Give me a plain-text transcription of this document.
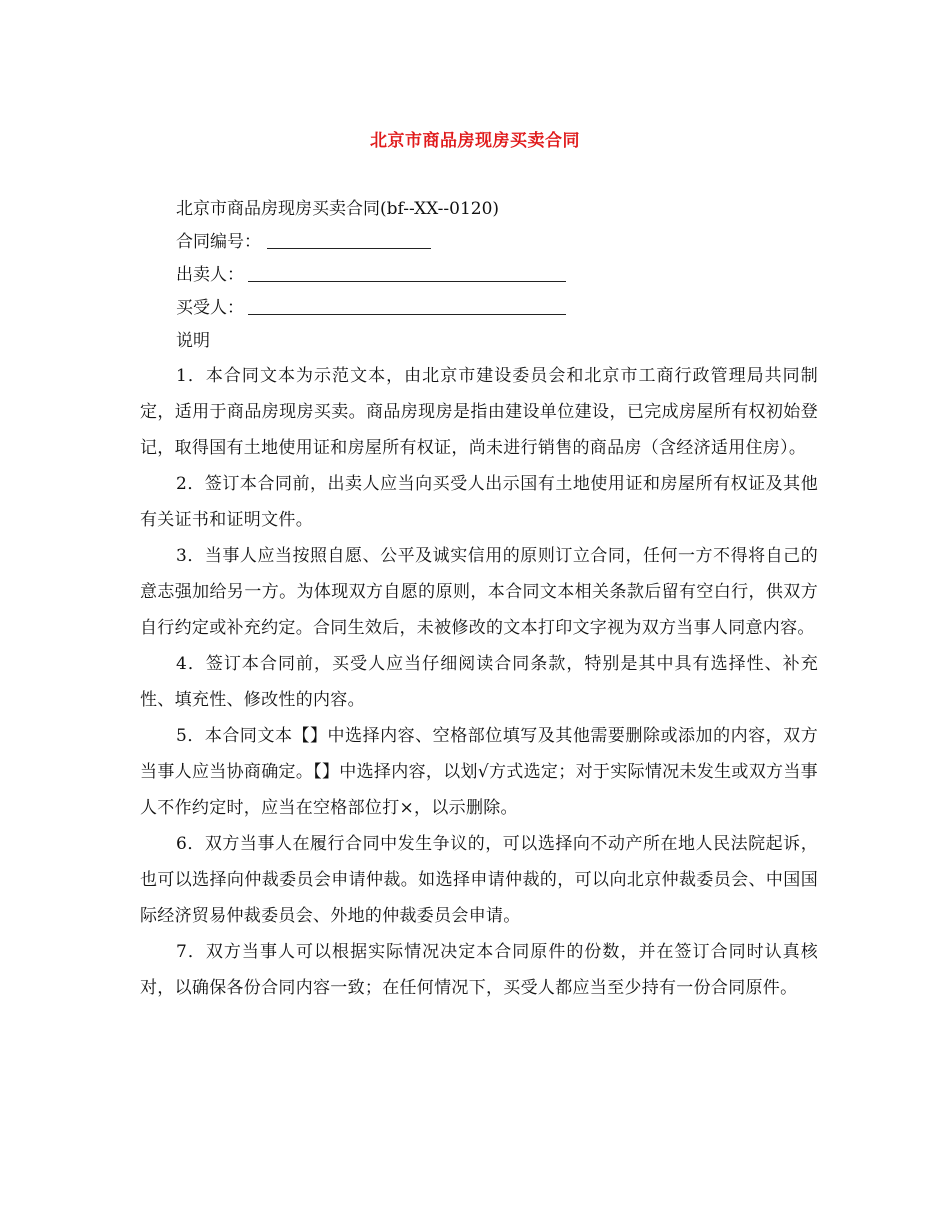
北京市商品房现房买卖合同
北京市商品房现房买卖合同(bf--XX--0120)
合同编号：
出卖人：
买受人：
说明

1．本合同文本为示范文本，由北京市建设委员会和北京市工商行政管理局共同制定，适用于商品房现房买卖。商品房现房是指由建设单位建设，已完成房屋所有权初始登记，取得国有土地使用证和房屋所有权证，尚未进行销售的商品房（含经济适用住房）。

2．签订本合同前，出卖人应当向买受人出示国有土地使用证和房屋所有权证及其他有关证书和证明文件。

3．当事人应当按照自愿、公平及诚实信用的原则订立合同，任何一方不得将自己的意志强加给另一方。为体现双方自愿的原则，本合同文本相关条款后留有空白行，供双方自行约定或补充约定。合同生效后，未被修改的文本打印文字视为双方当事人同意内容。

4．签订本合同前，买受人应当仔细阅读合同条款，特别是其中具有选择性、补充性、填充性、修改性的内容。

5．本合同文本【】中选择内容、空格部位填写及其他需要删除或添加的内容，双方当事人应当协商确定。【】中选择内容，以划√方式选定；对于实际情况未发生或双方当事人不作约定时，应当在空格部位打×，以示删除。

6．双方当事人在履行合同中发生争议的，可以选择向不动产所在地人民法院起诉，也可以选择向仲裁委员会申请仲裁。如选择申请仲裁的，可以向北京仲裁委员会、中国国际经济贸易仲裁委员会、外地的仲裁委员会申请。

7．双方当事人可以根据实际情况决定本合同原件的份数，并在签订合同时认真核对，以确保各份合同内容一致；在任何情况下，买受人都应当至少持有一份合同原件。
